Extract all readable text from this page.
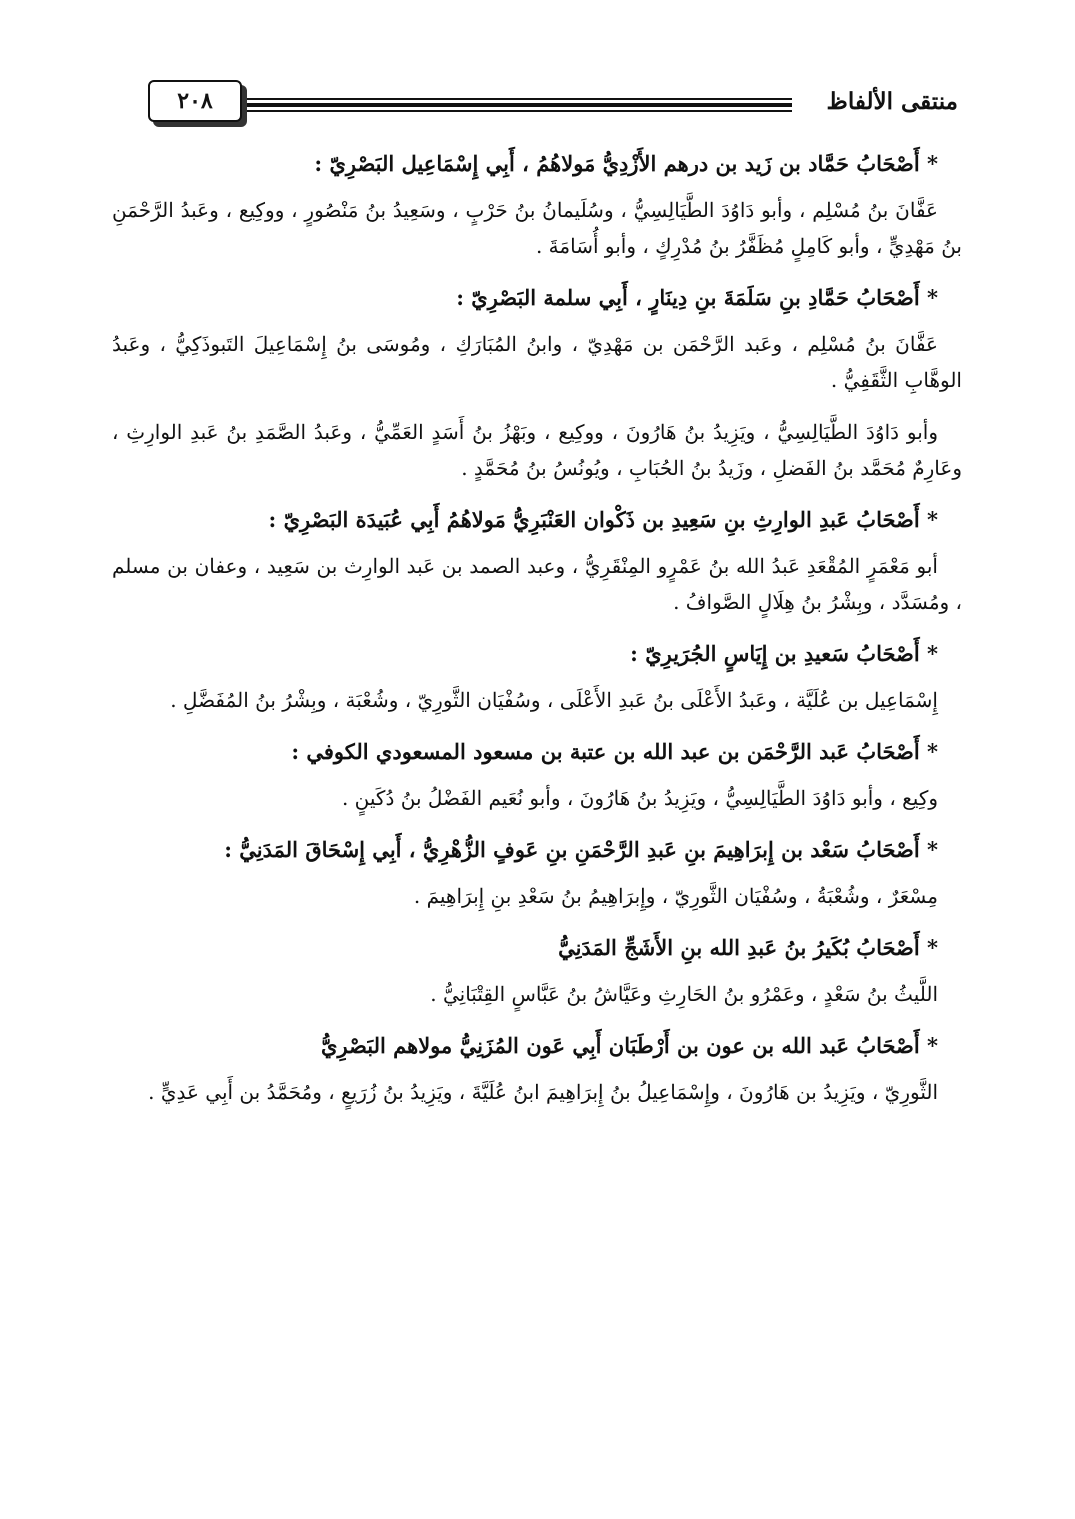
منتقى الألفاظ
٢٠٨
* أَصْحَابُ حَمَّاد بن زَيد بن درهم الأَزْدِيُّ مَولاهُمُ ، أَبِي إِسْمَاعِيل البَصْرِيّ :
عَفَّانَ بنُ مُسْلِم ، وأبو دَاوُدَ الطَّيَالِسِيُّ ، وسُلَيمانُ بنُ حَرْبٍ ، وسَعِيدُ بنُ مَنْصُورٍ ، ووكِيع ، وعَبدُ الرَّحْمَنِ بنُ مَهْدِيٍّ ، وأبو كَامِلٍ مُظَفَّرُ بنُ مُدْرِكٍ ، وأبو أُسَامَةَ .
* أَصْحَابُ حَمَّادِ بنِ سَلَمَةَ بنِ دِينَارٍ ، أَبِي سلمة البَصْرِيّ :
عَفَّانَ بنُ مُسْلِم ، وعَبد الرَّحْمَن بن مَهْدِيّ ، وابنُ المُبَارَكِ ، ومُوسَى بنُ إِسْمَاعِيلَ التَبوذَكِيُّ ، وعَبدُ الوهَّابِ الثَّقَفِيُّ .
وأبو دَاوُدَ الطَّيَالِسِيُّ ، ويَزِيدُ بنُ هَارُونَ ، ووكِيع ، وبَهْزُ بنُ أَسَدٍ العَمِّيُّ ، وعَبدُ الصَّمَدِ بنُ عَبدِ الوارِثِ ، وعَارِمٌ مُحَمَّد بنُ الفَضلِ ، وزَيدُ بنُ الحُبَابِ ، ويُونُسُ بنُ مُحَمَّدٍ .
* أَصْحَابُ عَبدِ الوارِثِ بنِ سَعِيدِ بن ذَكْوان العَنْبَرِيُّ مَولاهُمُ أَبِي عُبَيدَة البَصْرِيّ :
أبو مَعْمَرٍ المُقْعَدِ عَبدُ الله بنُ عَمْرٍو المِنْقَرِيُّ ، وعبد الصمد بن عَبد الوارِث بن سَعِيد ، وعفان بن مسلم ، ومُسَدَّد ، وبِشْرُ بنُ هِلَالٍ الصَّوافُ .
* أَصْحَابُ سَعيدِ بن إِيَاسٍ الجُرَيرِيّ :
إِسْمَاعِيل بن عُلَيَّة ، وعَبدُ الأَعْلَى بنُ عَبدِ الأَعْلَى ، وسُفْيَان الثَّورِيّ ، وشُعْبَة ، وبِشْرُ بنُ المُفَضَّلِ .
* أَصْحَابُ عَبد الرَّحْمَن بن عبد الله بن عتبة بن مسعود المسعودي الكوفي :
وكِيع ، وأبو دَاوُدَ الطَّيَالِسِيُّ ، ويَزِيدُ بنُ هَارُونَ ، وأبو نُعَيم الفَضْلُ بنُ دُكَينٍ .
* أَصْحَابُ سَعْد بن إِبرَاهِيمَ بنِ عَبدِ الرَّحْمَنِ بنِ عَوفٍ الزُّهْرِيُّ ، أَبِي إِسْحَاقَ المَدَنِيُّ :
مِسْعَرٌ ، وشُعْبَةُ ، وسُفْيَان الثَّورِيّ ، وإِبرَاهِيمُ بنُ سَعْدِ بنِ إِبرَاهِيمَ .
* أَصْحَابُ بُكَيرُ بنُ عَبدِ الله بنِ الأَشَجِّ المَدَنِيُّ
اللَّيثُ بنُ سَعْدٍ ، وعَمْرُو بنُ الحَارِثِ وعَيَّاشُ بنُ عَبَّاسٍ القِتْبَانِيُّ .
* أَصْحَابُ عَبد الله بن عون بن أَرْطَبَان أَبِي عَون المُزَنِيُّ مولاهم البَصْرِيُّ
الثَّورِيّ ، ويَزِيدُ بن هَارُونَ ، وإِسْمَاعِيلُ بنُ إِبرَاهِيمَ ابنُ عُلَيَّةَ ، ويَزِيدُ بنُ زُرَيعٍ ، ومُحَمَّدُ بن أَبِي عَدِيٍّ .
